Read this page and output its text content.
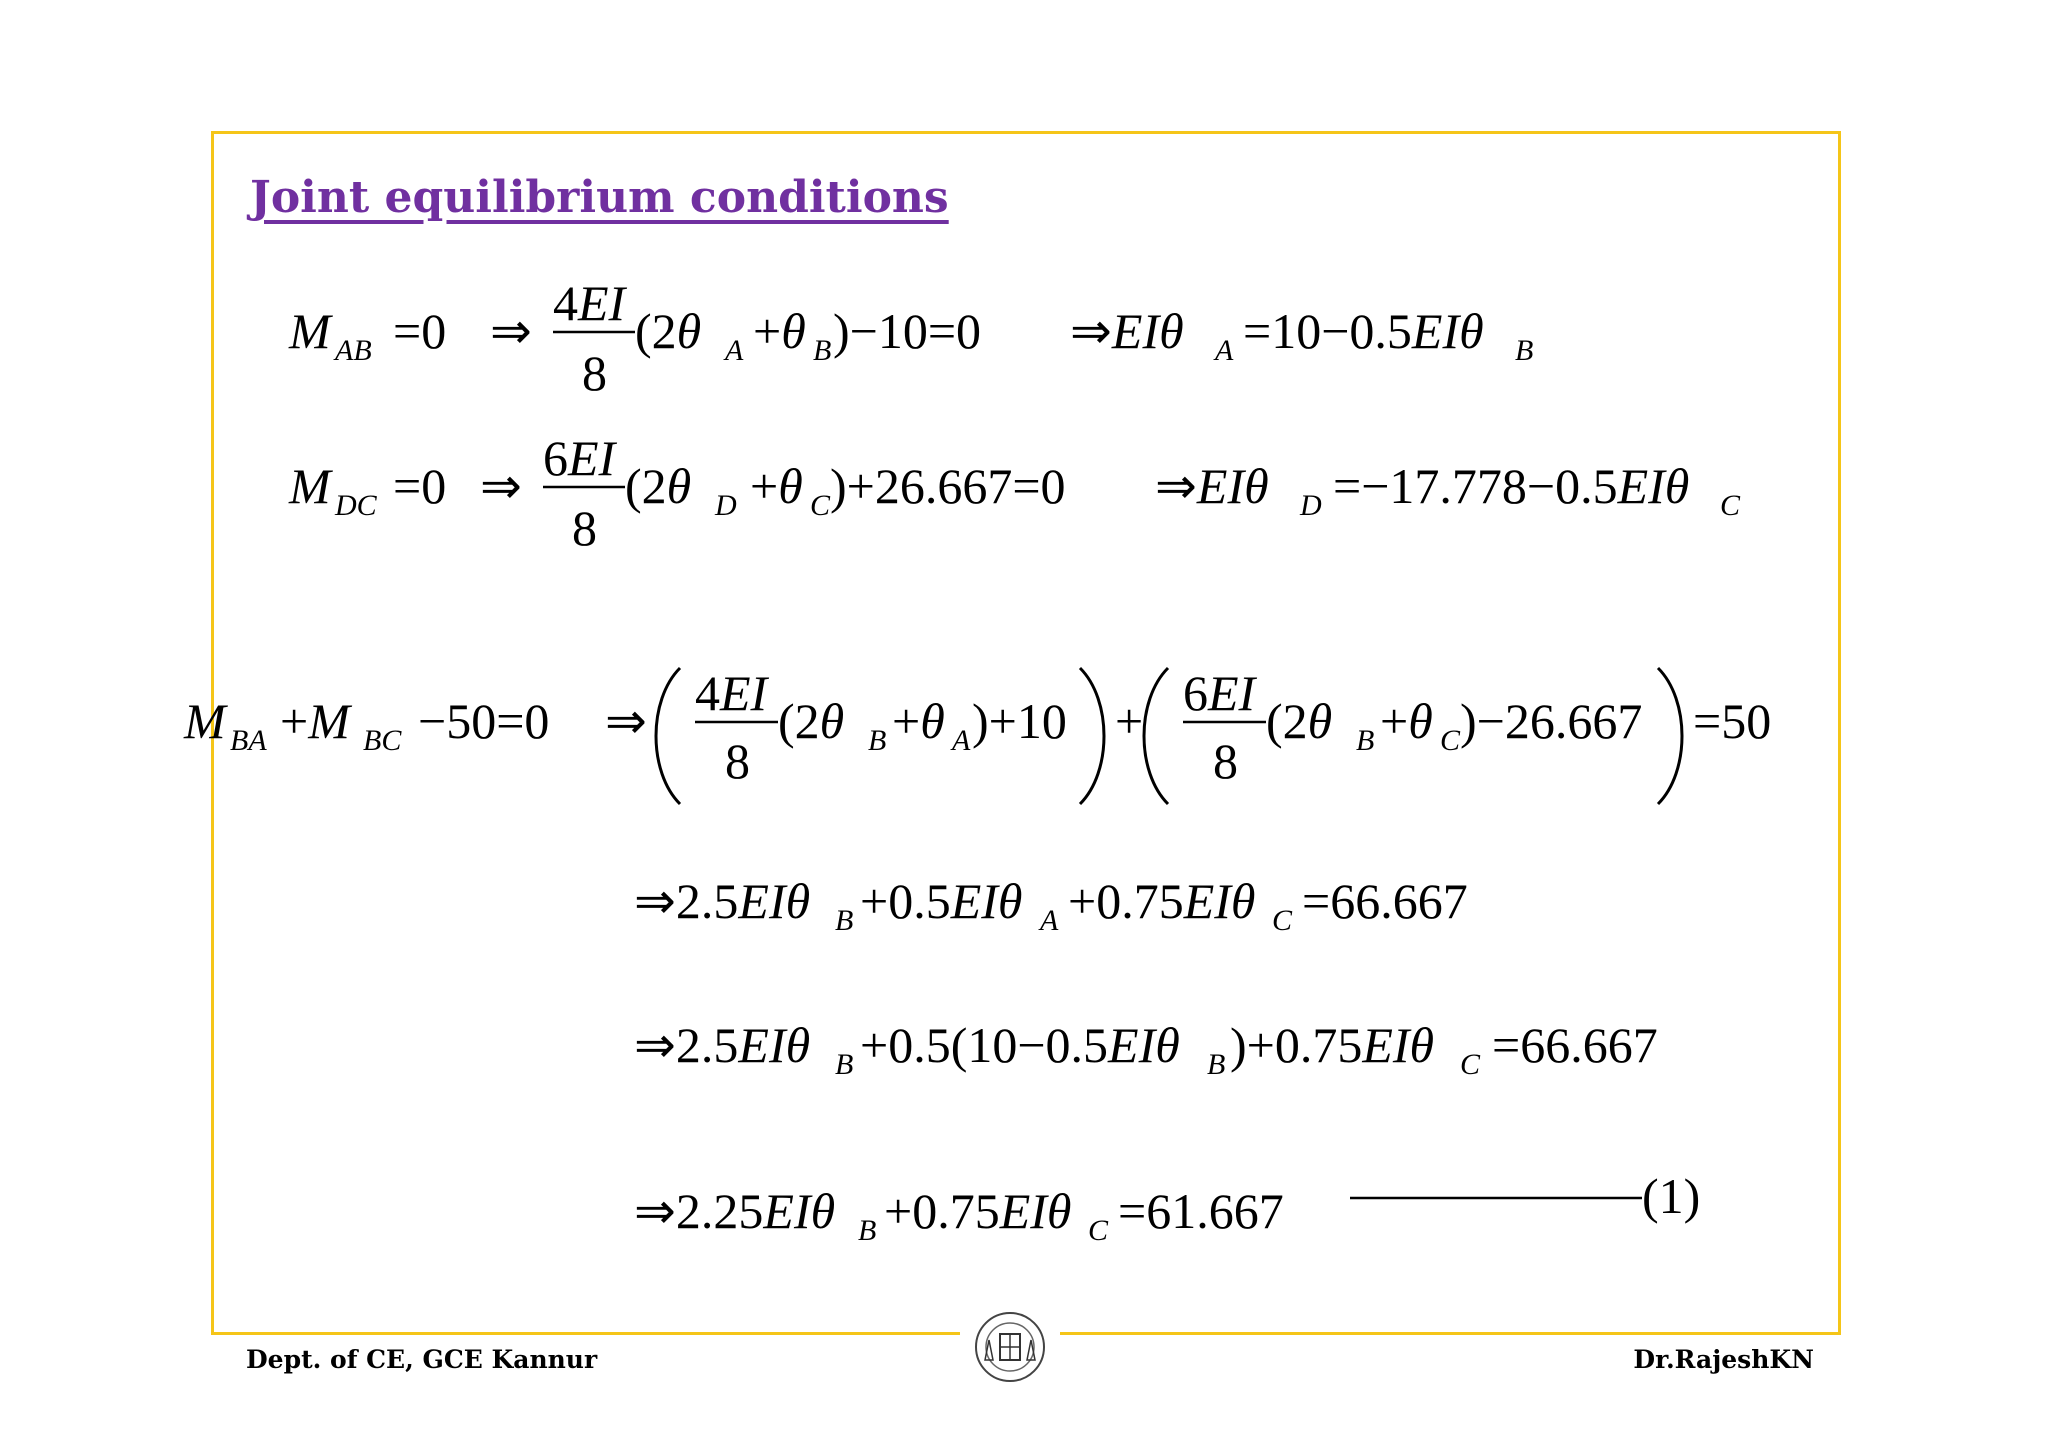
Joint equilibrium conditions
M AB =0 ⇒ 4EI
8
(2θ A +θ B )−10=0 ⇒EIθ A =10−0.5EIθ B
M DC =0 ⇒ 6EI
8
(2θ D +θ C )+26.667=0 ⇒EIθ D =−17.778−0.5EIθ C
M BA +M BC −50=0 ⇒ 4EI
8
(2θ B +θ A )+10 + 6EI
8
(2θ B +θ C )−26.667 =50
⇒2.5EIθ B +0.5EIθ A +0.75EIθ C =66.667
⇒2.5EIθ B +0.5(10−0.5EIθ B )+0.75EIθ C =66.667
⇒2.25EIθ B +0.75EIθ C =61.667	(1)
Dept. of CE, GCE Kannur	Dr.RajeshKN
